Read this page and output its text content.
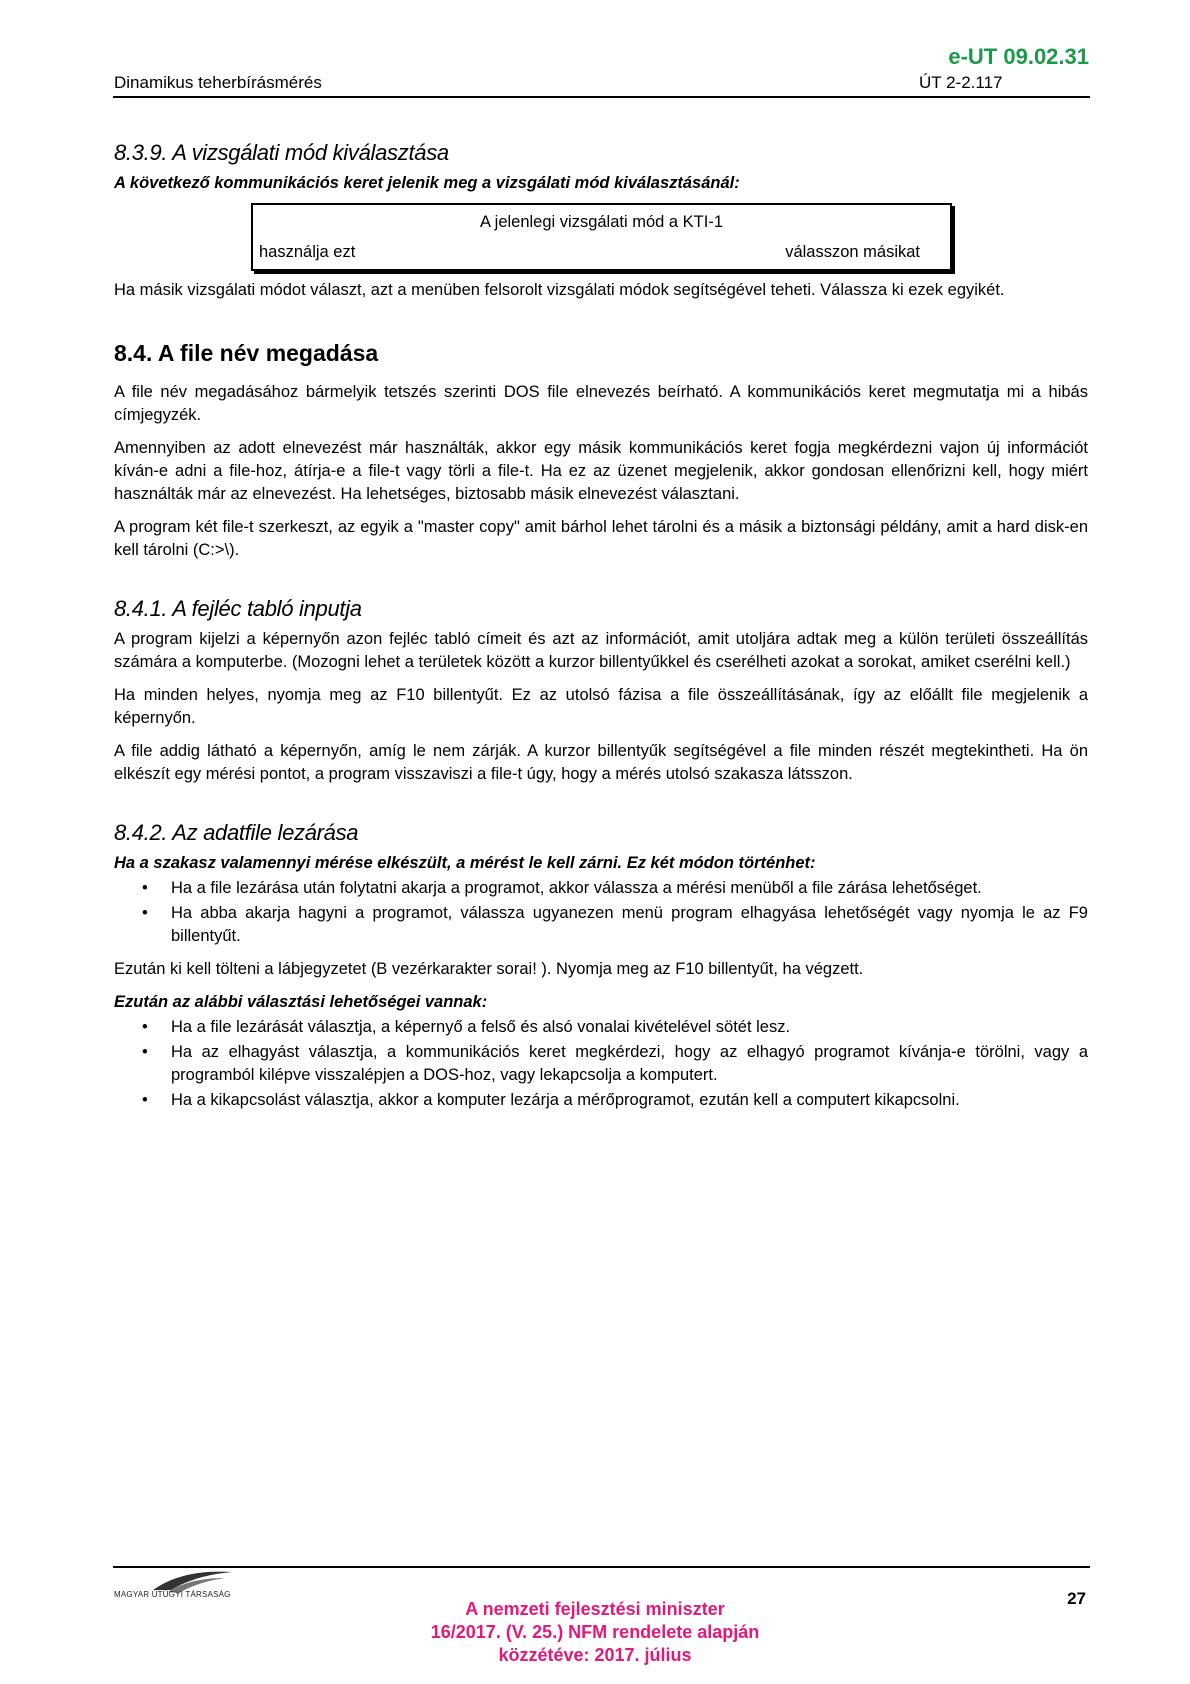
e-UT 09.02.31
Dinamikus teherbírásmérés	ÚT 2-2.117
8.3.9. A vizsgálati mód kiválasztása

A következő kommunikációs keret jelenik meg a vizsgálati mód kiválasztásánál:

A jelenlegi vizsgálati mód a KTI-1
használja ezt	válasszon másikat

Ha másik vizsgálati módot választ, azt a menüben felsorolt vizsgálati módok segítségével teheti. Válassza ki ezek egyikét.

8.4. A file név megadása

A file név megadásához bármelyik tetszés szerinti DOS file elnevezés beírható. A kommunikációs keret megmutatja mi a hibás címjegyzék.

Amennyiben az adott elnevezést már használták, akkor egy másik kommunikációs keret fogja megkérdezni vajon új információt kíván-e adni a file-hoz, átírja-e a file-t vagy törli a file-t. Ha ez az üzenet megjelenik, akkor gondosan ellenőrizni kell, hogy miért használták már az elnevezést. Ha lehetséges, biztosabb másik elnevezést választani.

A program két file-t szerkeszt, az egyik a "master copy" amit bárhol lehet tárolni és a másik a biztonsági példány, amit a hard disk-en kell tárolni (C:>\).

8.4.1. A fejléc tabló inputja

A program kijelzi a képernyőn azon fejléc tabló címeit és azt az információt, amit utoljára adtak meg a külön területi összeállítás számára a komputerbe. (Mozogni lehet a területek között a kurzor billentyűkkel és cserélheti azokat a sorokat, amiket cserélni kell.)

Ha minden helyes, nyomja meg az F10 billentyűt. Ez az utolsó fázisa a file összeállításának, így az előállt file megjelenik a képernyőn.

A file addig látható a képernyőn, amíg le nem zárják. A kurzor billentyűk segítségével a file minden részét megtekintheti. Ha ön elkészít egy mérési pontot, a program visszaviszi a file-t úgy, hogy a mérés utolsó szakasza látsszon.

8.4.2. Az adatfile lezárása

Ha a szakasz valamennyi mérése elkészült, a mérést le kell zárni. Ez két módon történhet:

• Ha a file lezárása után folytatni akarja a programot, akkor válassza a mérési menüből a file zárása lehetőséget.
• Ha abba akarja hagyni a programot, válassza ugyanezen menü program elhagyása lehetőségét vagy nyomja le az F9 billentyűt.

Ezután ki kell tölteni a lábjegyzetet (B vezérkarakter sorai! ). Nyomja meg az F10 billentyűt, ha végzett.

Ezután az alábbi választási lehetőségei vannak:

• Ha a file lezárását választja, a képernyő a felső és alsó vonalai kivételével sötét lesz.
• Ha az elhagyást választja, a kommunikációs keret megkérdezi, hogy az elhagyó programot kívánja-e törölni, vagy a programból kilépve visszalépjen a DOS-hoz, vagy lekapcsolja a komputert.
• Ha a kikapcsolást választja, akkor a komputer lezárja a mérőprogramot, ezután kell a computert kikapcsolni.
MAGYAR ÚTÜGYI TÁRSASÁG	27
A nemzeti fejlesztési miniszter
16/2017. (V. 25.) NFM rendelete alapján
közzétéve: 2017. július
